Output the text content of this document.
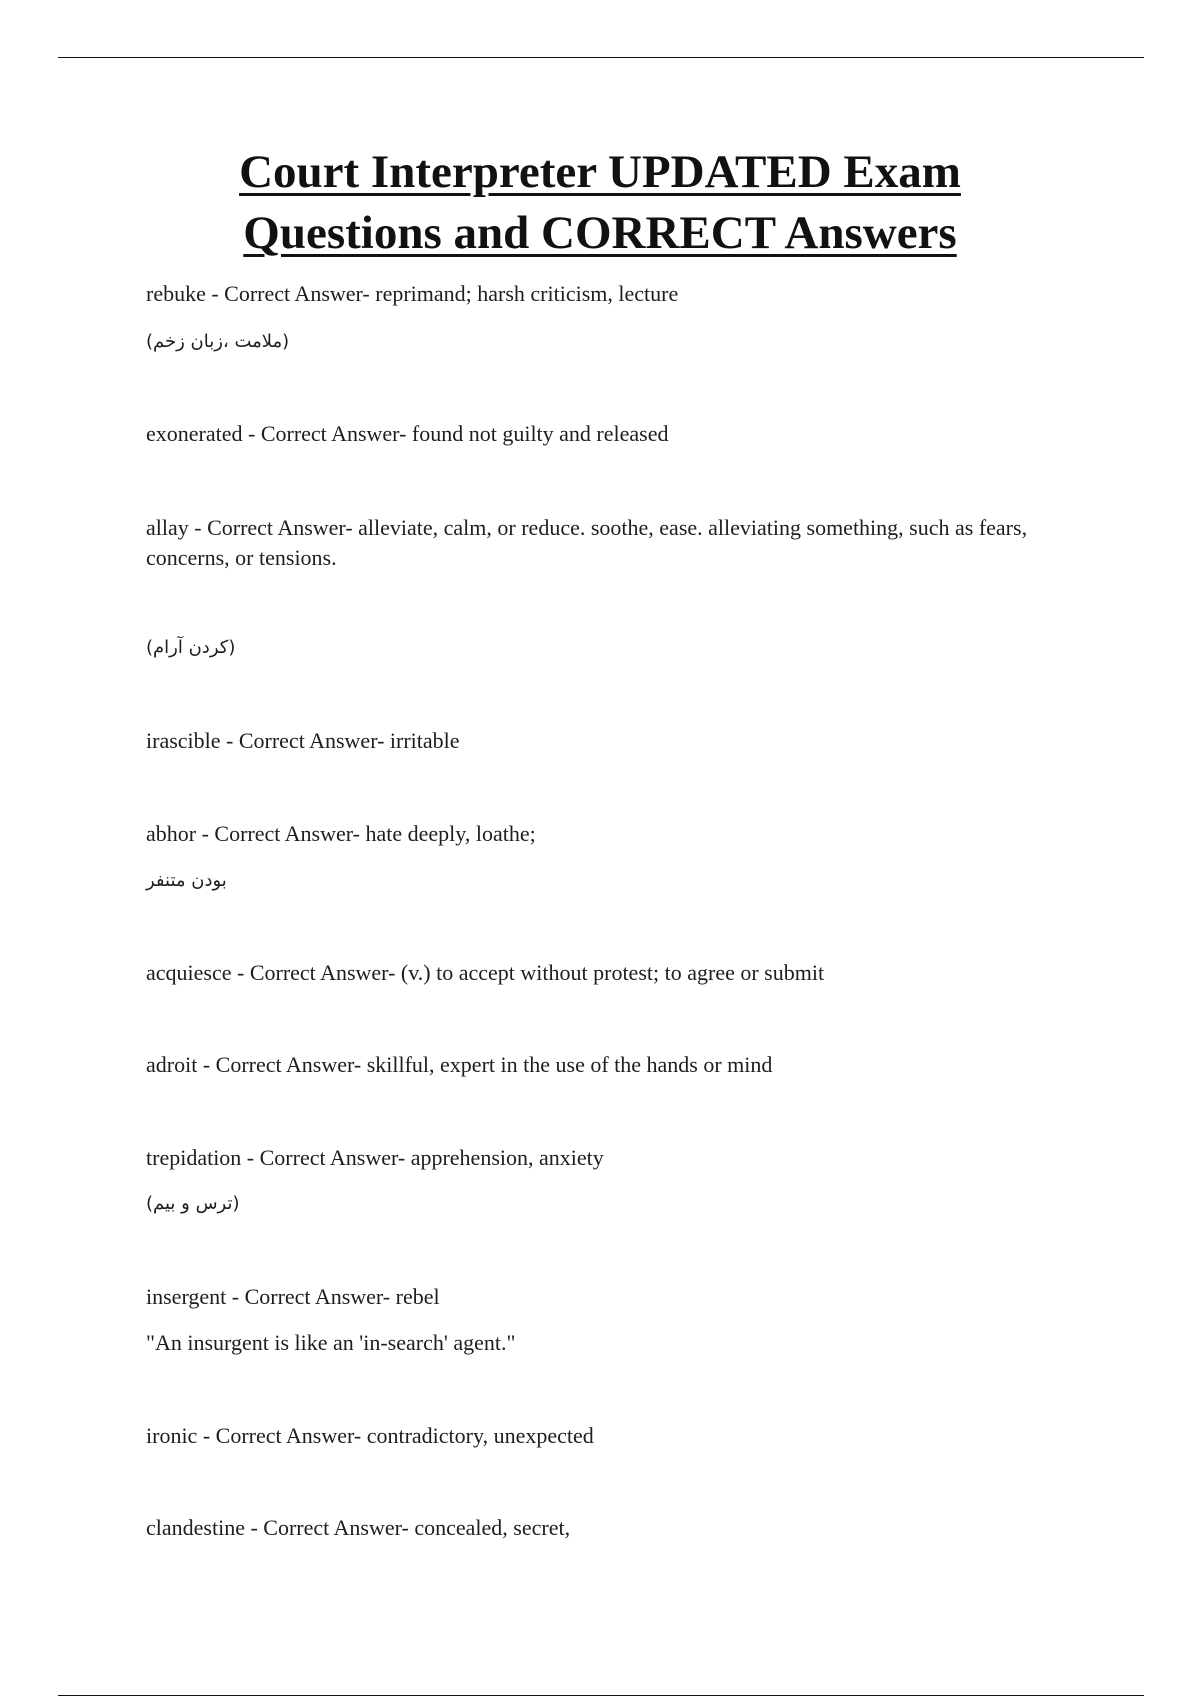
Court Interpreter UPDATED Exam
Questions and CORRECT Answers

rebuke - Correct Answer- reprimand; harsh criticism, lecture

(ملامت ،زبان زخم)

exonerated - Correct Answer- found not guilty and released

allay - Correct Answer- alleviate, calm, or reduce. soothe, ease. alleviating something, such as fears, concerns, or tensions.

(کردن آرام)

irascible - Correct Answer- irritable

abhor - Correct Answer- hate deeply, loathe;

بودن متنفر

acquiesce - Correct Answer- (v.) to accept without protest; to agree or submit

adroit - Correct Answer- skillful, expert in the use of the hands or mind

trepidation - Correct Answer- apprehension, anxiety

(ترس و بیم)

insergent - Correct Answer- rebel

"An insurgent is like an 'in-search' agent."

ironic - Correct Answer- contradictory, unexpected

clandestine - Correct Answer- concealed, secret,
